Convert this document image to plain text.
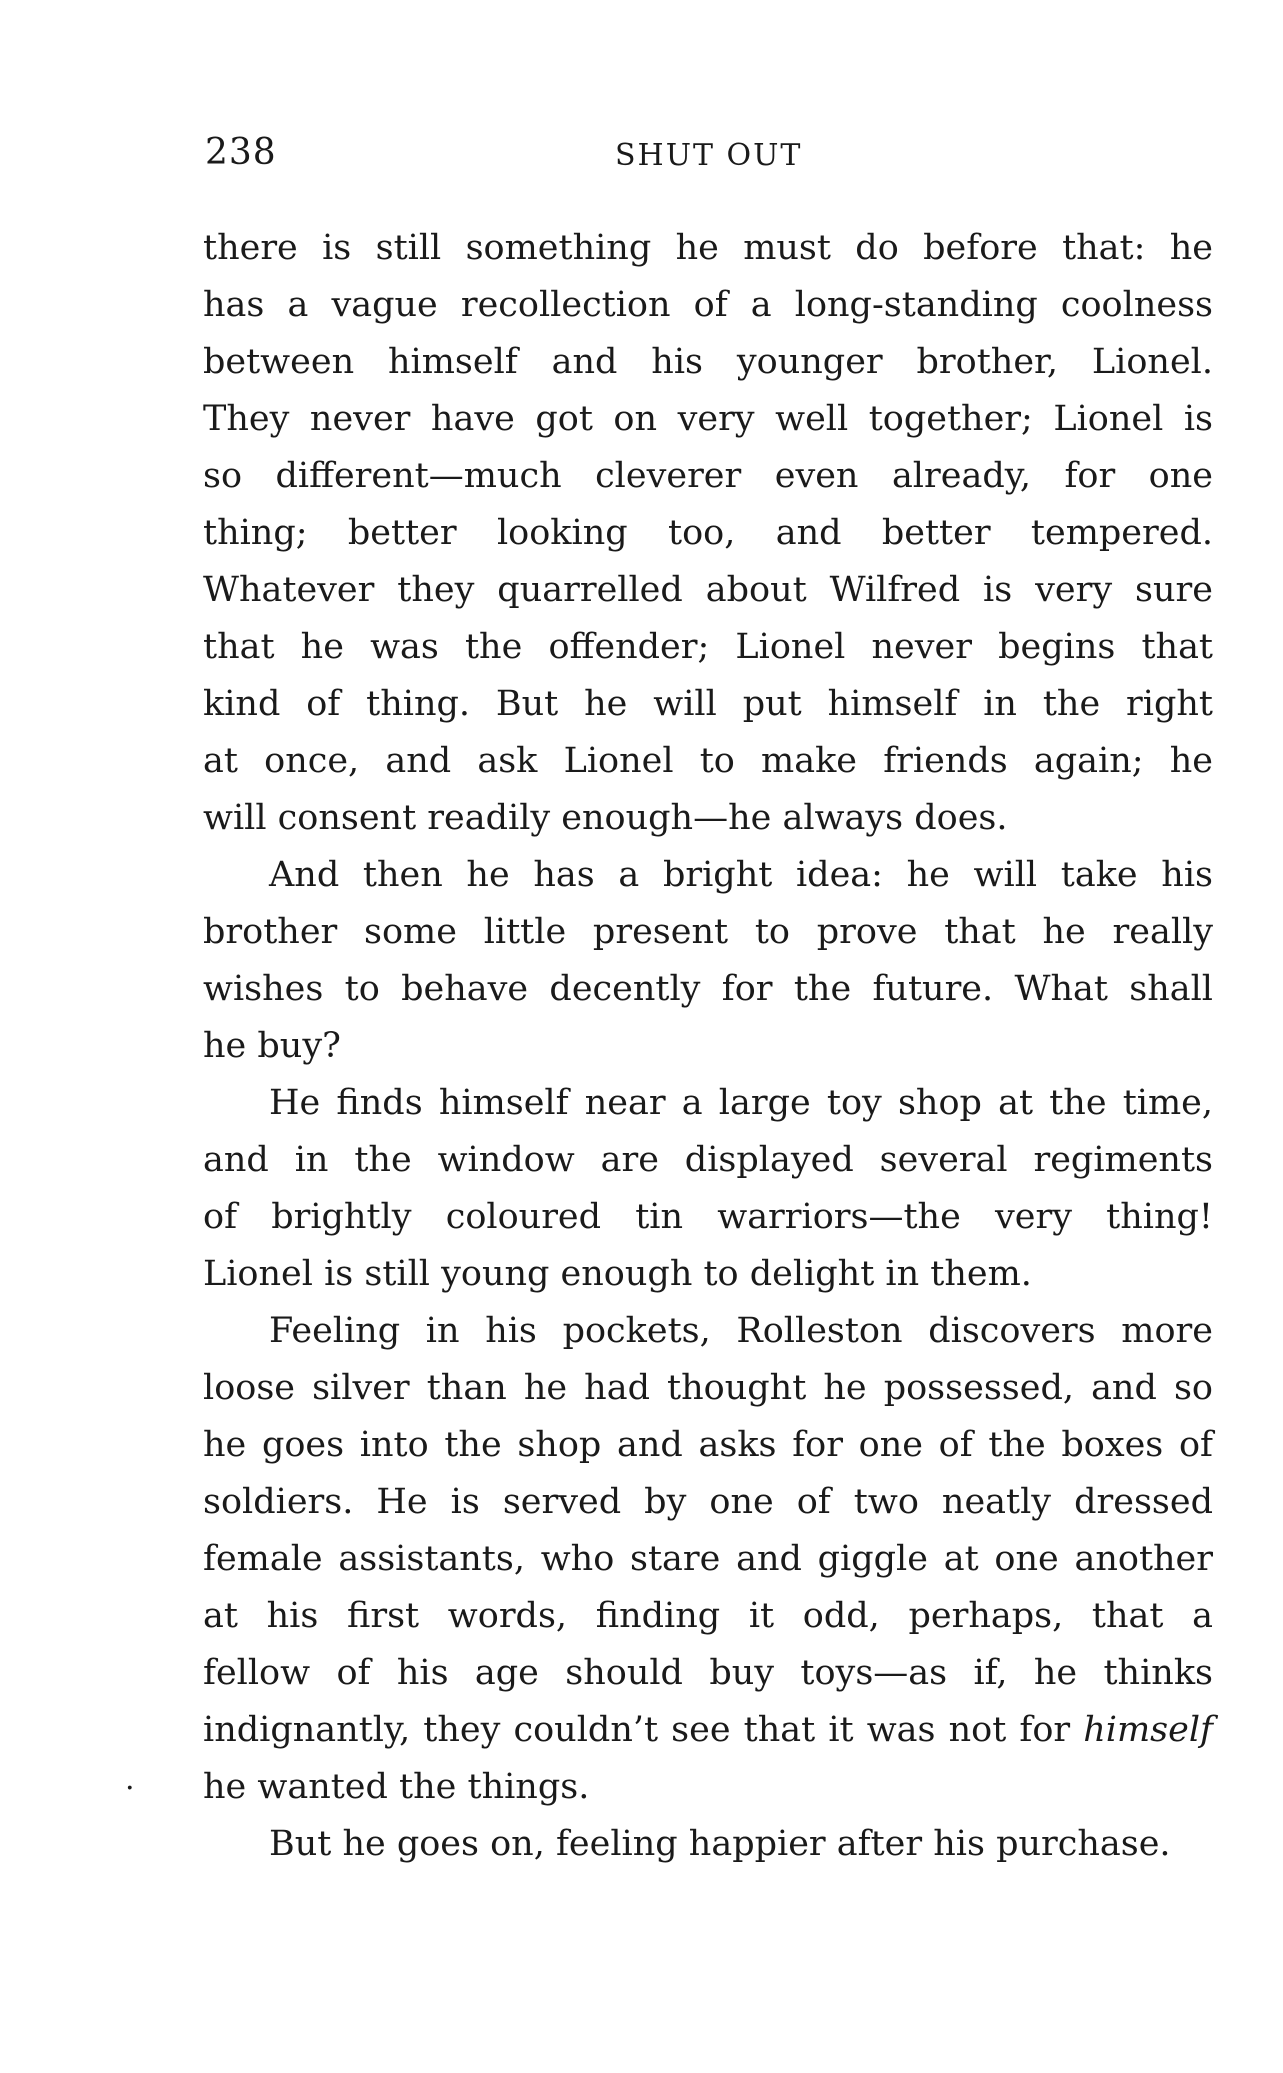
238	SHUT OUT

there is still something he must do before that: he

has a vague recollection of a long-standing coolness

between himself and his younger brother, Lionel.

They never have got on very well together; Lionel is

so different—much cleverer even already, for one

thing; better looking too, and better tempered.

Whatever they quarrelled about Wilfred is very sure

that he was the offender; Lionel never begins that

kind of thing. But he will put himself in the right

at once, and ask Lionel to make friends again; he

will consent readily enough—he always does.

And then he has a bright idea: he will take his

brother some little present to prove that he really

wishes to behave decently for the future. What shall

he buy?

He finds himself near a large toy shop at the time,

and in the window are displayed several regiments

of brightly coloured tin warriors—the very thing!

Lionel is still young enough to delight in them.

Feeling in his pockets, Rolleston discovers more

loose silver than he had thought he possessed, and so

he goes into the shop and asks for one of the boxes of

soldiers. He is served by one of two neatly dressed

female assistants, who stare and giggle at one another

at his first words, finding it odd, perhaps, that a

fellow of his age should buy toys—as if, he thinks

indignantly, they couldn’t see that it was not for himself

he wanted the things.

But he goes on, feeling happier after his purchase.

.
